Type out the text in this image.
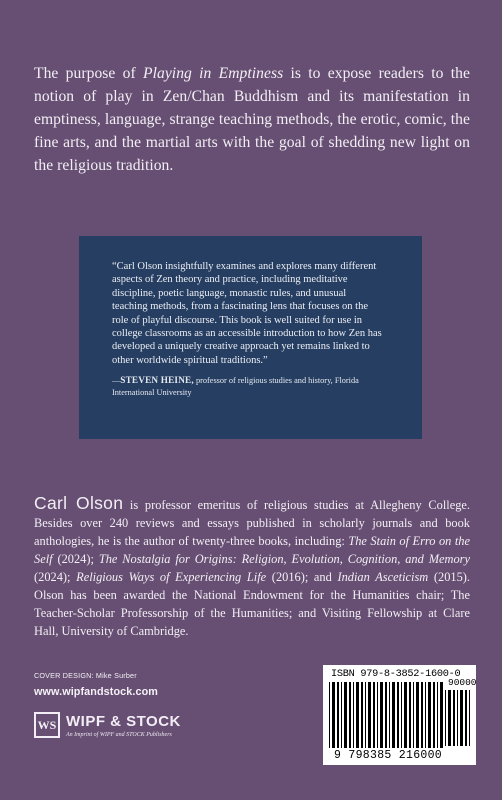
The purpose of Playing in Emptiness is to expose readers to the notion of play in Zen/Chan Buddhism and its manifestation in emptiness, language, strange teaching methods, the erotic, comic, the fine arts, and the martial arts with the goal of shedding new light on the religious tradition.
“Carl Olson insightfully examines and explores many different aspects of Zen theory and practice, including meditative discipline, poetic language, monastic rules, and unusual teaching methods, from a fascinating lens that focuses on the role of playful discourse. This book is well suited for use in college classrooms as an accessible introduction to how Zen has developed a uniquely creative approach yet remains linked to other worldwide spiritual traditions.”
—STEVEN HEINE, professor of religious studies and history, Florida International University
Carl Olson is professor emeritus of religious studies at Allegheny College. Besides over 240 reviews and essays published in scholarly journals and book anthologies, he is the author of twenty-three books, including: The Stain of Erro on the Self (2024); The Nostalgia for Origins: Religion, Evolution, Cognition, and Memory (2024); Religious Ways of Experiencing Life (2016); and Indian Asceticism (2015). Olson has been awarded the National Endowment for the Humanities chair; The Teacher-Scholar Professorship of the Humanities; and Visiting Fellowship at Clare Hall, University of Cambridge.
COVER DESIGN: Mike Surber
www.wipfandstock.com
WS WIPF & STOCK
An Imprint of WIPF and STOCK Publishers
ISBN 979-8-3852-1600-0
90000
9 798385 216000
